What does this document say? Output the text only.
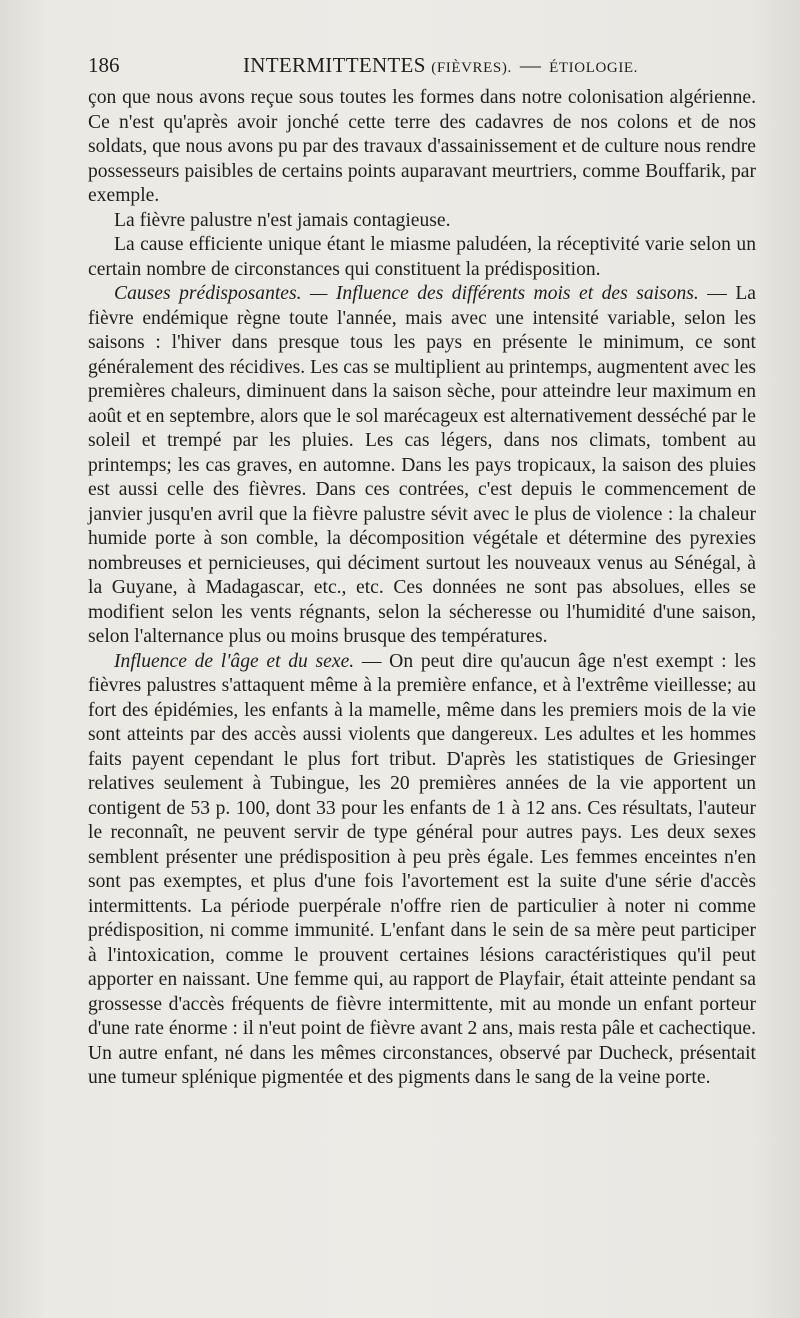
186	INTERMITTENTES (FIÈVRES). — ÉTIOLOGIE.

çon que nous avons reçue sous toutes les formes dans notre colonisation algérienne. Ce n'est qu'après avoir jonché cette terre des cadavres de nos colons et de nos soldats, que nous avons pu par des travaux d'assainissement et de culture nous rendre possesseurs paisibles de certains points auparavant meurtriers, comme Bouffarik, par exemple.

La fièvre palustre n'est jamais contagieuse.

La cause efficiente unique étant le miasme paludéen, la réceptivité varie selon un certain nombre de circonstances qui constituent la prédisposition.

Causes prédisposantes. — Influence des différents mois et des saisons. — La fièvre endémique règne toute l'année, mais avec une intensité variable, selon les saisons : l'hiver dans presque tous les pays en présente le minimum, ce sont généralement des récidives. Les cas se multiplient au printemps, augmentent avec les premières chaleurs, diminuent dans la saison sèche, pour atteindre leur maximum en août et en septembre, alors que le sol marécageux est alternativement desséché par le soleil et trempé par les pluies. Les cas légers, dans nos climats, tombent au printemps; les cas graves, en automne. Dans les pays tropicaux, la saison des pluies est aussi celle des fièvres. Dans ces contrées, c'est depuis le commencement de janvier jusqu'en avril que la fièvre palustre sévit avec le plus de violence : la chaleur humide porte à son comble, la décomposition végétale et détermine des pyrexies nombreuses et pernicieuses, qui déciment surtout les nouveaux venus au Sénégal, à la Guyane, à Madagascar, etc., etc. Ces données ne sont pas absolues, elles se modifient selon les vents régnants, selon la sécheresse ou l'humidité d'une saison, selon l'alternance plus ou moins brusque des températures.

Influence de l'âge et du sexe. — On peut dire qu'aucun âge n'est exempt : les fièvres palustres s'attaquent même à la première enfance, et à l'extrême vieillesse; au fort des épidémies, les enfants à la mamelle, même dans les premiers mois de la vie sont atteints par des accès aussi violents que dangereux. Les adultes et les hommes faits payent cependant le plus fort tribut. D'après les statistiques de Griesinger relatives seulement à Tubingue, les 20 premières années de la vie apportent un contigent de 53 p. 100, dont 33 pour les enfants de 1 à 12 ans. Ces résultats, l'auteur le reconnaît, ne peuvent servir de type général pour autres pays. Les deux sexes semblent présenter une prédisposition à peu près égale. Les femmes enceintes n'en sont pas exemptes, et plus d'une fois l'avortement est la suite d'une série d'accès intermittents. La période puerpérale n'offre rien de particulier à noter ni comme prédisposition, ni comme immunité. L'enfant dans le sein de sa mère peut participer à l'intoxication, comme le prouvent certaines lésions caractéristiques qu'il peut apporter en naissant. Une femme qui, au rapport de Playfair, était atteinte pendant sa grossesse d'accès fréquents de fièvre intermittente, mit au monde un enfant porteur d'une rate énorme : il n'eut point de fièvre avant 2 ans, mais resta pâle et cachectique. Un autre enfant, né dans les mêmes circonstances, observé par Ducheck, présentait une tumeur splénique pigmentée et des pigments dans le sang de la veine porte.
